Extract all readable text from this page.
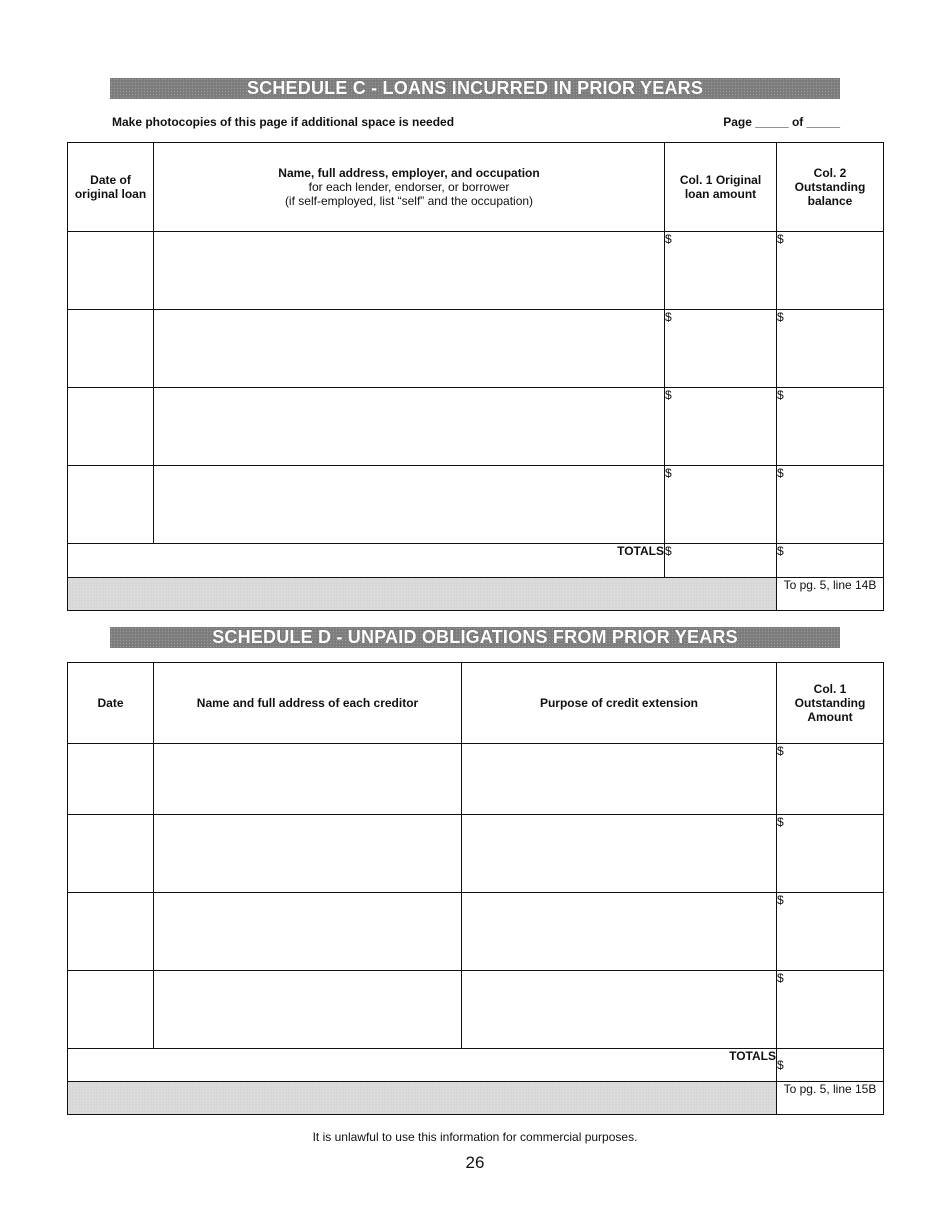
SCHEDULE C - LOANS INCURRED IN PRIOR YEARS
Make photocopies of this page if additional space is needed	Page _____ of _____
Date of original loan	Name, full address, employer, and occupation
for each lender, endorser, or borrower
(if self-employed, list “self” and the occupation)	Col. 1 Original loan amount	Col. 2 Outstanding balance
		$	$
		$	$
		$	$
		$	$
TOTALS		$	$
			To pg. 5, line 14B
SCHEDULE D - UNPAID OBLIGATIONS FROM PRIOR YEARS
Date	Name and full address of each creditor	Purpose of credit extension	Col. 1 Outstanding Amount
			$
			$
			$
			$
TOTALS			$
			To pg. 5, line 15B
It is unlawful to use this information for commercial purposes.
26
